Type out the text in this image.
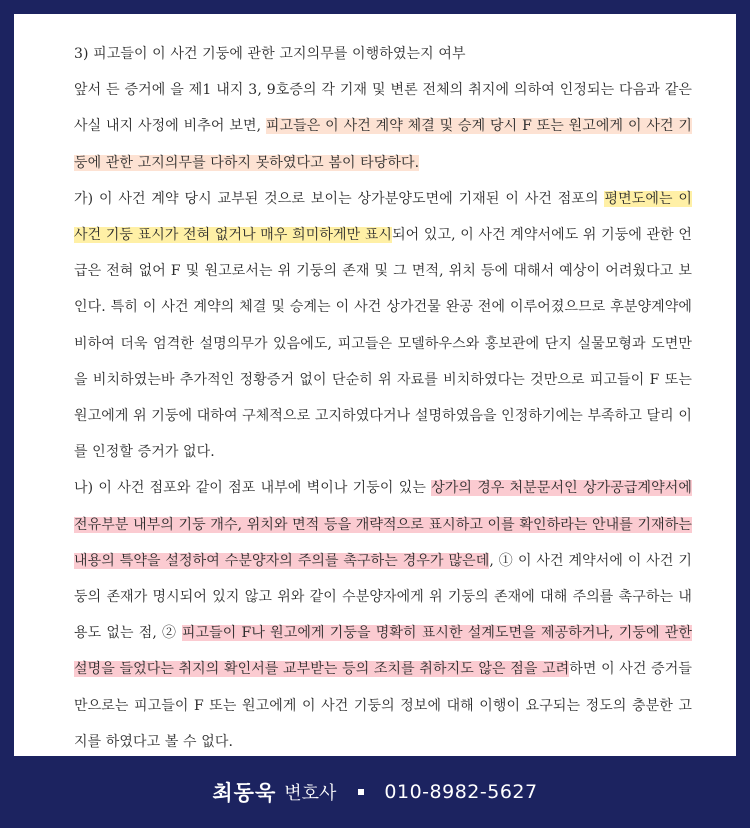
3) 피고들이 이 사건 기둥에 관한 고지의무를 이행하였는지 여부

앞서 든 증거에 을 제1 내지 3, 9호증의 각 기재 및 변론 전체의 취지에 의하여 인정되는 다음과 같은 사실 내지 사정에 비추어 보면, 피고들은 이 사건 계약 체결 및 승계 당시 F 또는 원고에게 이 사건 기둥에 관한 고지의무를 다하지 못하였다고 봄이 타당하다.

가) 이 사건 계약 당시 교부된 것으로 보이는 상가분양도면에 기재된 이 사건 점포의 평면도에는 이 사건 기둥 표시가 전혀 없거나 매우 희미하게만 표시되어 있고, 이 사건 계약서에도 위 기둥에 관한 언급은 전혀 없어 F 및 원고로서는 위 기둥의 존재 및 그 면적, 위치 등에 대해서 예상이 어려웠다고 보인다. 특히 이 사건 계약의 체결 및 승계는 이 사건 상가건물 완공 전에 이루어졌으므로 후분양계약에 비하여 더욱 엄격한 설명의무가 있음에도, 피고들은 모델하우스와 홍보관에 단지 실물모형과 도면만을 비치하였는바 추가적인 정황증거 없이 단순히 위 자료를 비치하였다는 것만으로 피고들이 F 또는 원고에게 위 기둥에 대하여 구체적으로 고지하였다거나 설명하였음을 인정하기에는 부족하고 달리 이를 인정할 증거가 없다.

나) 이 사건 점포와 같이 점포 내부에 벽이나 기둥이 있는 상가의 경우 처분문서인 상가공급계약서에 전유부분 내부의 기둥 개수, 위치와 면적 등을 개략적으로 표시하고 이를 확인하라는 안내를 기재하는 내용의 특약을 설정하여 수분양자의 주의를 촉구하는 경우가 많은데, ① 이 사건 계약서에 이 사건 기둥의 존재가 명시되어 있지 않고 위와 같이 수분양자에게 위 기둥의 존재에 대해 주의를 촉구하는 내용도 없는 점, ② 피고들이 F나 원고에게 기둥을 명확히 표시한 설계도면을 제공하거나, 기둥에 관한 설명을 들었다는 취지의 확인서를 교부받는 등의 조치를 취하지도 않은 점을 고려하면 이 사건 증거들만으로는 피고들이 F 또는 원고에게 이 사건 기둥의 정보에 대해 이행이 요구되는 정도의 충분한 고지를 하였다고 볼 수 없다.

최동욱 변호사	010-8982-5627
